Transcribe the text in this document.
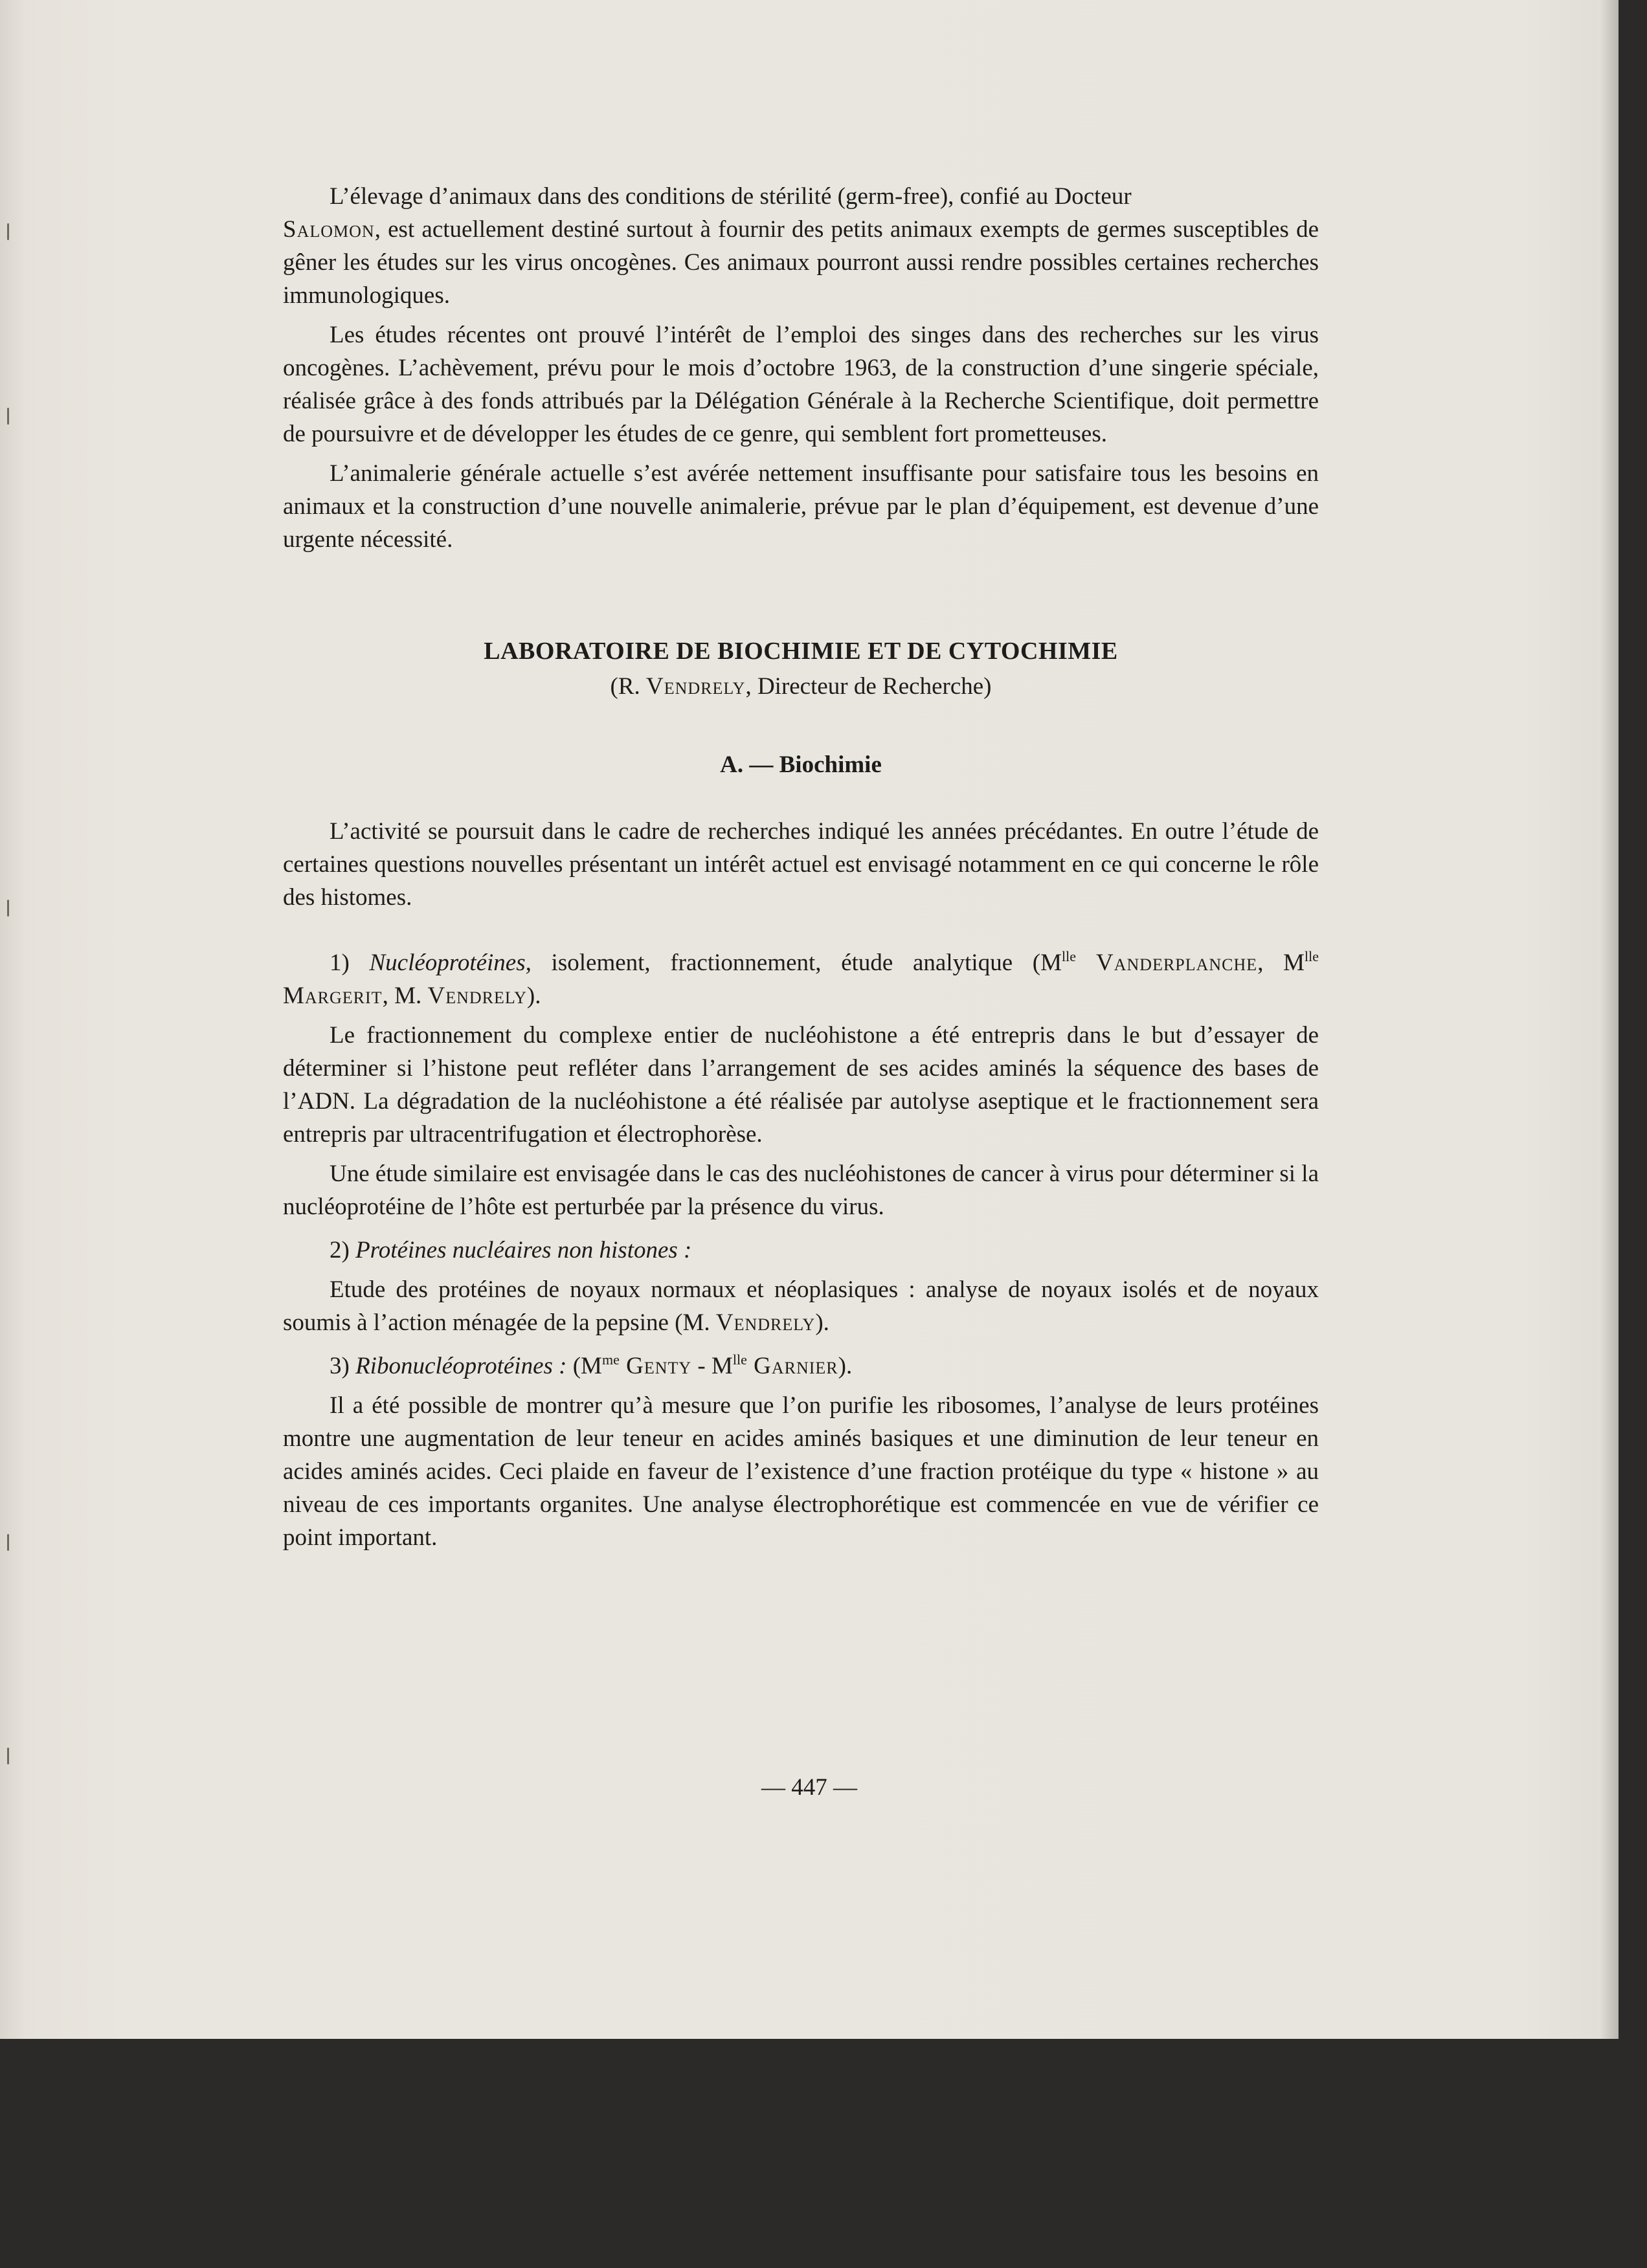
L’élevage d’animaux dans des conditions de stérilité (germ-free), confié au Docteur
Salomon, est actuellement destiné surtout à fournir des petits animaux exempts de germes susceptibles de gêner les études sur les virus oncogènes. Ces animaux pourront aussi rendre possibles certaines recherches immunologiques.

Les études récentes ont prouvé l’intérêt de l’emploi des singes dans des recherches sur les virus oncogènes. L’achèvement, prévu pour le mois d’octobre 1963, de la construction d’une singerie spéciale, réalisée grâce à des fonds attribués par la Délégation Générale à la Recherche Scientifique, doit permettre de poursuivre et de développer les études de ce genre, qui semblent fort prometteuses.

L’animalerie générale actuelle s’est avérée nettement insuffisante pour satisfaire tous les besoins en animaux et la construction d’une nouvelle animalerie, prévue par le plan d’équipement, est devenue d’une urgente nécessité.

LABORATOIRE DE BIOCHIMIE ET DE CYTOCHIMIE

(R. Vendrely, Directeur de Recherche)

A. — Biochimie

L’activité se poursuit dans le cadre de recherches indiqué les années précédantes. En outre l’étude de certaines questions nouvelles présentant un intérêt actuel est envisagé notamment en ce qui concerne le rôle des histomes.

1) Nucléoprotéines, isolement, fractionnement, étude analytique ($M^{lle}$ Vanderplanche, $M^{lle}$ Margerit, M. Vendrely).

Le fractionnement du complexe entier de nucléohistone a été entrepris dans le but d’essayer de déterminer si l’histone peut refléter dans l’arrangement de ses acides aminés la séquence des bases de l’ADN. La dégradation de la nucléohistone a été réalisée par autolyse aseptique et le fractionnement sera entrepris par ultracentrifugation et électrophorèse.

Une étude similaire est envisagée dans le cas des nucléohistones de cancer à virus pour déterminer si la nucléoprotéine de l’hôte est perturbée par la présence du virus.

2) Protéines nucléaires non histones :

Etude des protéines de noyaux normaux et néoplasiques : analyse de noyaux isolés et de noyaux soumis à l’action ménagée de la pepsine (M. Vendrely).

3) Ribonucléoprotéines : ($M^{me}$ Genty - $M^{lle}$ Garnier).

Il a été possible de montrer qu’à mesure que l’on purifie les ribosomes, l’analyse de leurs protéines montre une augmentation de leur teneur en acides aminés basiques et une diminution de leur teneur en acides aminés acides. Ceci plaide en faveur de l’existence d’une fraction protéique du type « histone » au niveau de ces importants organites. Une analyse électrophorétique est commencée en vue de vérifier ce point important.

— 447 —
